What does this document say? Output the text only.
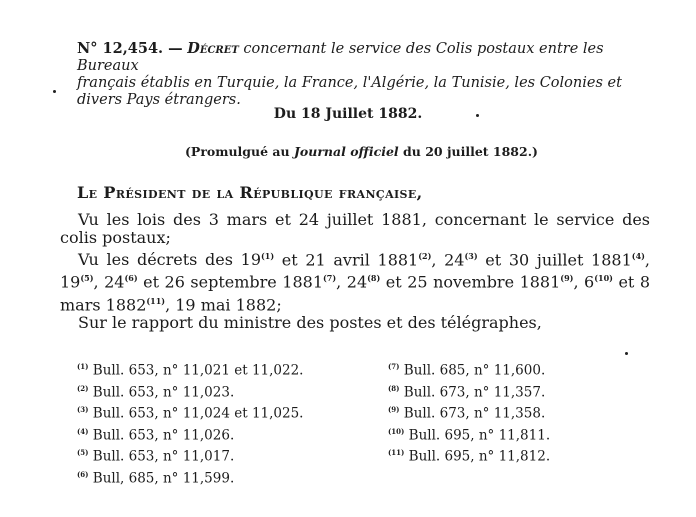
N° 12,454. — Décret concernant le service des Colis postaux entre les Bureaux
français établis en Turquie, la France, l'Algérie, la Tunisie, les Colonies et
divers Pays étrangers.
Du 18 Juillet 1882.
(Promulgué au Journal officiel du 20 juillet 1882.)
Le Président de la République française,
Vu les lois des 3 mars et 24 juillet 1881, concernant le service des colis postaux;
Vu les décrets des 19$^{(1)}$ et 21 avril 1881$^{(2)}$, 24$^{(3)}$ et 30 juillet 1881$^{(4)}$, 19$^{(5)}$, 24$^{(6)}$ et 26 septembre 1881$^{(7)}$, 24$^{(8)}$ et 25 novembre 1881$^{(9)}$, 6$^{(10)}$ et 8 mars 1882$^{(11)}$, 19 mai 1882;
Sur le rapport du ministre des postes et des télégraphes,
$^{(1)}$ Bull. 653, n° 11,021 et 11,022.
$^{(2)}$ Bull. 653, n° 11,023.
$^{(3)}$ Bull. 653, n° 11,024 et 11,025.
$^{(4)}$ Bull. 653, n° 11,026.
$^{(5)}$ Bull. 653, n° 11,017.
$^{(6)}$ Bull, 685, n° 11,599.
$^{(7)}$ Bull. 685, n° 11,600.
$^{(8)}$ Bull. 673, n° 11,357.
$^{(9)}$ Bull. 673, n° 11,358.
$^{(10)}$ Bull. 695, n° 11,811.
$^{(11)}$ Bull. 695, n° 11,812.
